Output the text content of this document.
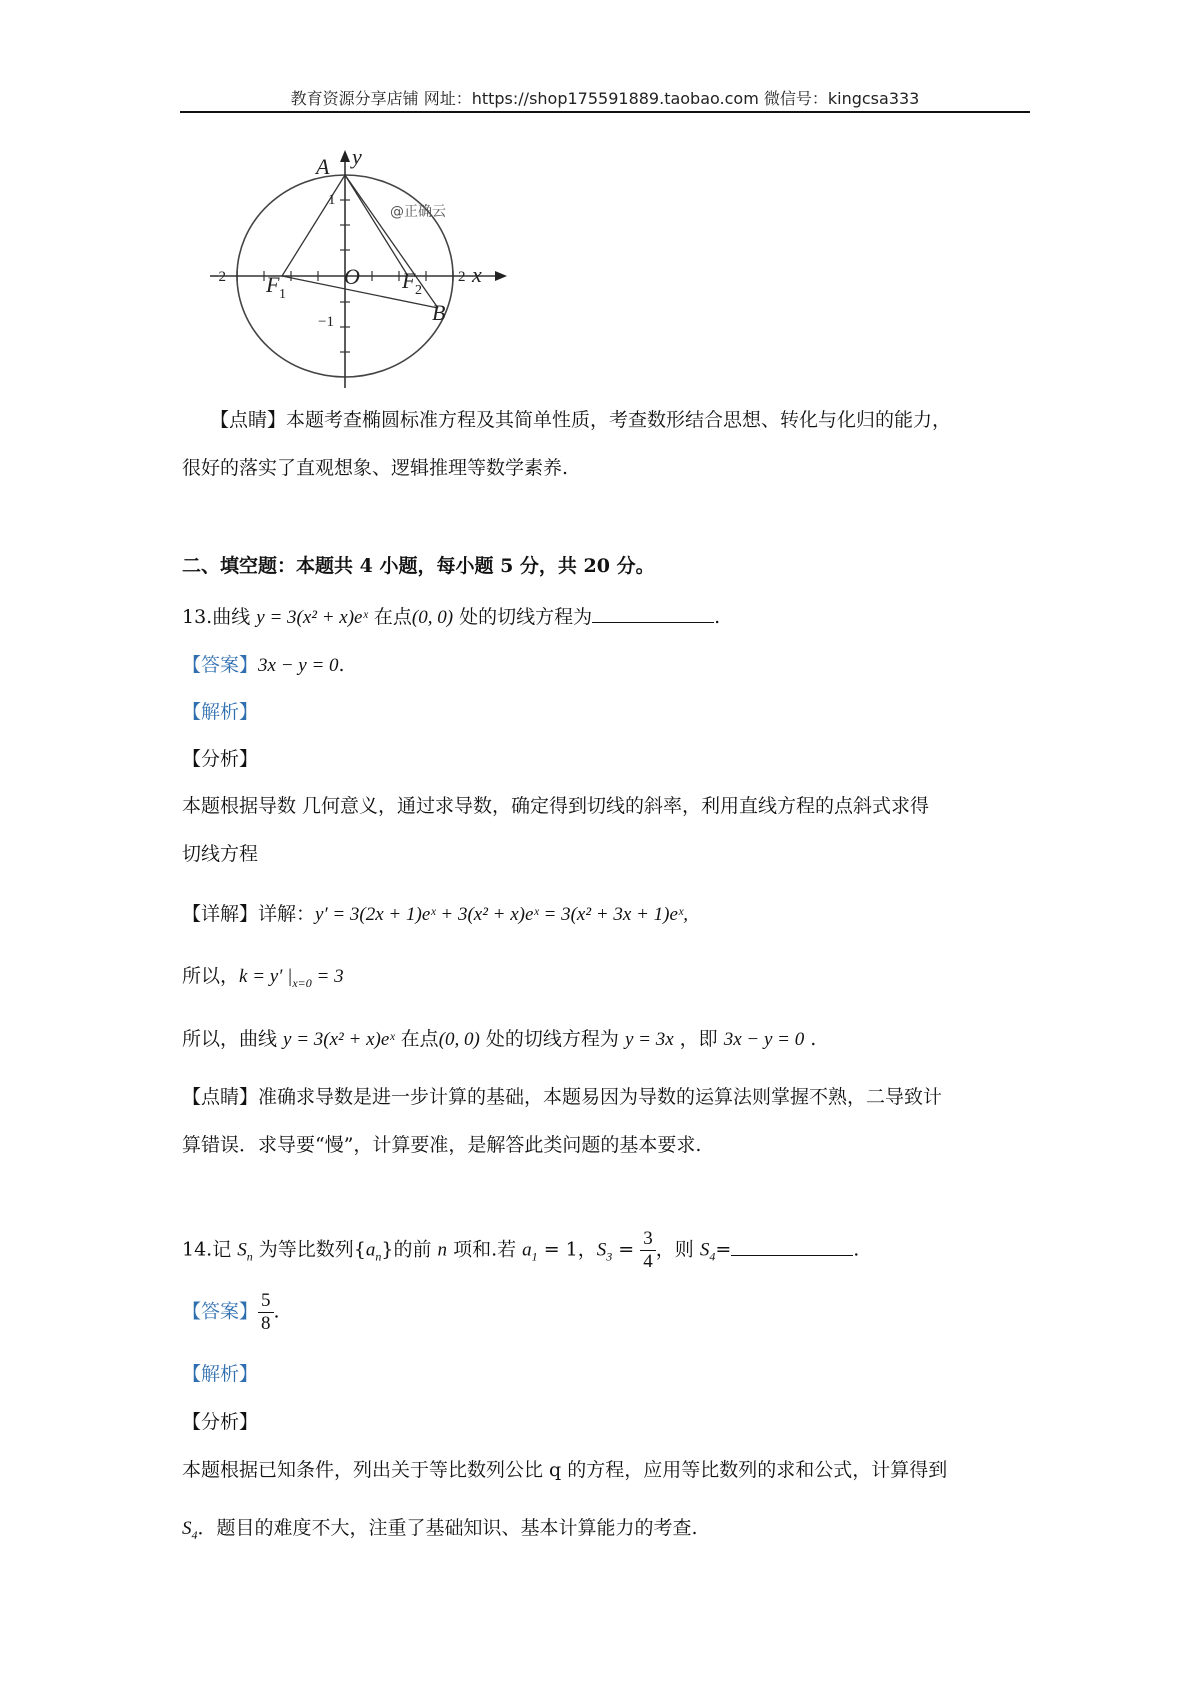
教育资源分享店铺 网址：https://shop175591889.taobao.com 微信号：kingcsa333
A y
x
B
O
F 1
F 2
−2	2
1
−1
@正确云
【点睛】本题考查椭圆标准方程及其简单性质，考查数形结合思想、转化与化归的能力，
很好的落实了直观想象、逻辑推理等数学素养.
二、填空题：本题共 4 小题，每小题 5 分，共 20 分。
13.曲线 y = 3(x² + x)eˣ 在点(0, 0) 处的切线方程为	.
【答案】3x − y = 0.
【解析】
【分析】
本题根据导数 几何意义，通过求导数，确定得到切线的斜率，利用直线方程的点斜式求得
切线方程
【详解】详解：y′ = 3(2x + 1)eˣ + 3(x² + x)eˣ = 3(x² + 3x + 1)eˣ,
所以，k = y′ $|_{x=0} = 3$
所以，曲线 y = 3(x² + x)eˣ 在点(0, 0) 处的切线方程为 y = 3x ，即 3x − y = 0 .
【点睛】准确求导数是进一步计算的基础，本题易因为导数的运算法则掌握不熟，二导致计
算错误．求导要“慢”，计算要准，是解答此类问题的基本要求.
14.记 $S_n$ 为等比数列$\{a_n\}$的前 n 项和.若 $a_1 = 1$，$S_3 = \frac{3}{4}$ ，则 $S_4=$	.
【答案】 $\frac{5}{8}$ .
【解析】
【分析】
本题根据已知条件，列出关于等比数列公比 q 的方程，应用等比数列的求和公式，计算得到
$S_4$．题目的难度不大，注重了基础知识、基本计算能力的考查.
